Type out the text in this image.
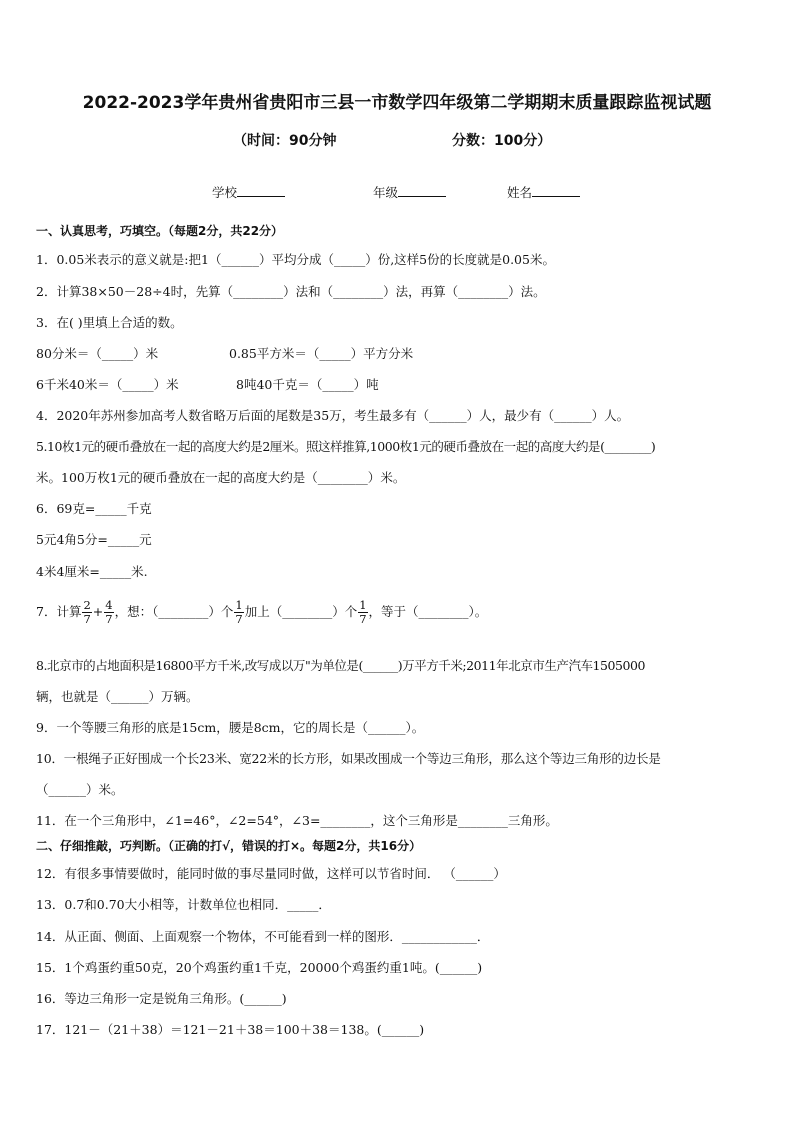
2022-2023学年贵州省贵阳市三县一市数学四年级第二学期期末质量跟踪监视试题
（时间：90分钟	分数：100分）
学校	年级	姓名
一、认真思考，巧填空。（每题2分，共22分）
1．0.05米表示的意义就是:把1（______）平均分成（_____）份,这样5份的长度就是0.05米。
2．计算38×50－28÷4时，先算（________）法和（________）法，再算（________）法。
3．在( )里填上合适的数。
80分米＝（_____）米	0.85平方米＝（_____）平方分米
6千米40米＝（_____）米	8吨40千克＝（_____）吨
4．2020年苏州参加高考人数省略万后面的尾数是35万，考生最多有（______）人，最少有（______）人。
5.10枚1元的硬币叠放在一起的高度大约是2厘米。照这样推算,1000枚1元的硬币叠放在一起的高度大约是(________)
米。100万枚1元的硬币叠放在一起的高度大约是（________）米。
6．69克=_____千克
5元4角5分=_____元
4米4厘米=_____米.
7．计算 $\frac{2}{7} + \frac{4}{7}$ ，想：（________）个 $\frac{1}{7}$ 加上（________）个 $\frac{1}{7}$ ，等于（________）。
8.北京市的占地面积是16800平方千米,改写成以万"为单位是(______)万平方千米;2011年北京市生产汽车1505000
辆，也就是（______）万辆。
9．一个等腰三角形的底是15cm，腰是8cm，它的周长是（______）。
10．一根绳子正好围成一个长23米、宽22米的长方形，如果改围成一个等边三角形，那么这个等边三角形的边长是
（______）米。
11．在一个三角形中，∠1=46°，∠2=54°，∠3=________，这个三角形是________三角形。
二、仔细推敲，巧判断。（正确的打√，错误的打×。每题2分，共16分）
12．有很多事情要做时，能同时做的事尽量同时做，这样可以节省时间． （______）
13．0.7和0.70大小相等，计数单位也相同．_____．
14．从正面、侧面、上面观察一个物体，不可能看到一样的图形．____________．
15．1个鸡蛋约重50克，20个鸡蛋约重1千克，20000个鸡蛋约重1吨。(______)
16．等边三角形一定是锐角三角形。(______)
17．121－（21＋38）＝121－21＋38＝100＋38＝138。(______)
